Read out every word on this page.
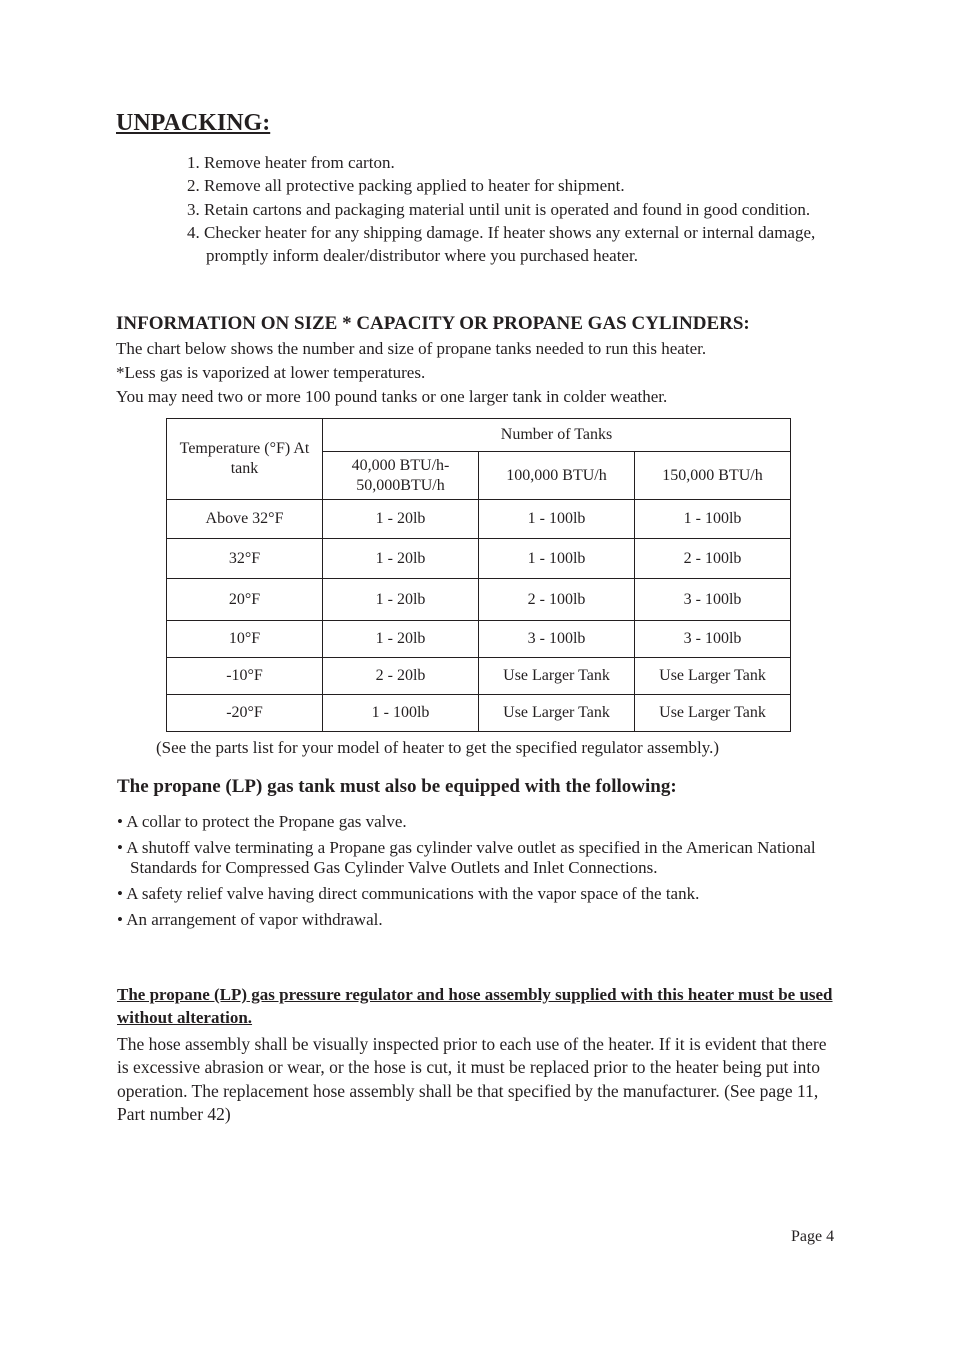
UNPACKING:
1. Remove heater from carton.
2. Remove all protective packing applied to heater for shipment.
3. Retain cartons and packaging material until unit is operated and found in good condition.
4. Checker heater for any shipping damage. If heater shows any external or internal damage, promptly inform dealer/distributor where you purchased heater.
INFORMATION ON SIZE * CAPACITY OR PROPANE GAS CYLINDERS:
The chart below shows the number and size of propane tanks needed to run this heater.
*Less gas is vaporized at lower temperatures.
You may need two or more 100 pound tanks or one larger tank in colder weather.
Temperature (°F) At tank	Number of Tanks		
	40,000 BTU/h- 50,000BTU/h	100,000 BTU/h	150,000 BTU/h
Above 32°F	1 - 20lb	1 - 100lb	1 - 100lb
32°F	1 - 20lb	1 - 100lb	2 - 100lb
20°F	1 - 20lb	2 - 100lb	3 - 100lb
10°F	1 - 20lb	3 - 100lb	3 - 100lb
-10°F	2 - 20lb	Use Larger Tank	Use Larger Tank
-20°F	1 - 100lb	Use Larger Tank	Use Larger Tank
(See the parts list for your model of heater to get the specified regulator assembly.)
The propane (LP) gas tank must also be equipped with the following:
• A collar to protect the Propane gas valve.
• A shutoff valve terminating a Propane gas cylinder valve outlet as specified in the American National Standards for Compressed Gas Cylinder Valve Outlets and Inlet Connections.
• A safety relief valve having direct communications with the vapor space of the tank.
• An arrangement of vapor withdrawal.
The propane (LP) gas pressure regulator and hose assembly supplied with this heater must be used without alteration.
The hose assembly shall be visually inspected prior to each use of the heater. If it is evident that there is excessive abrasion or wear, or the hose is cut, it must be replaced prior to the heater being put into operation. The replacement hose assembly shall be that specified by the manufacturer. (See page 11, Part number 42)
Page 4
